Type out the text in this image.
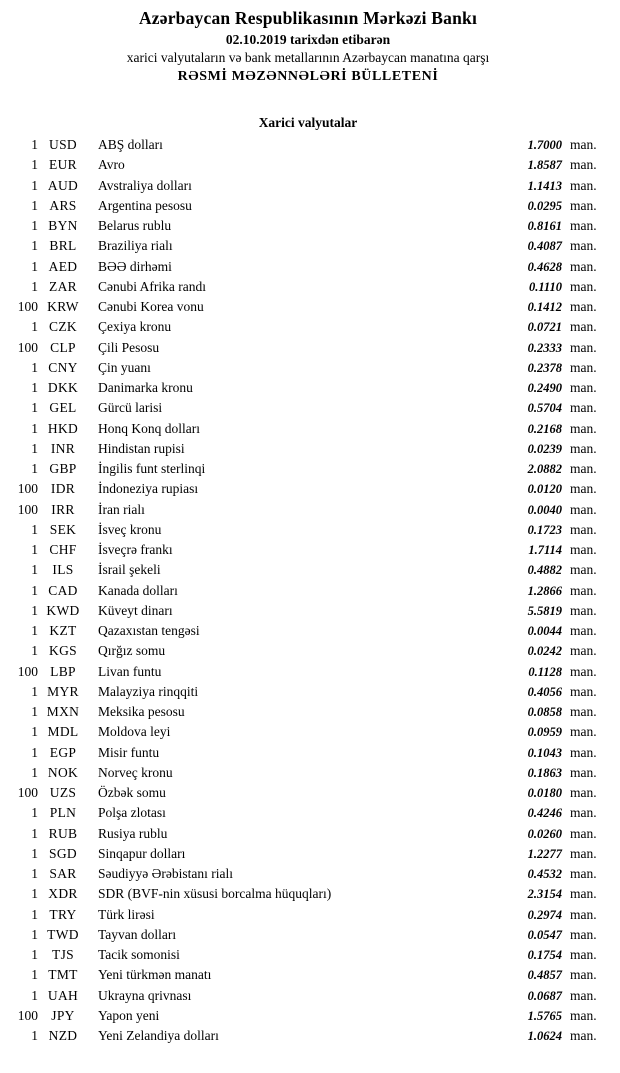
Azərbaycan Respublikasının Mərkəzi Bankı
02.10.2019 tarixdən etibarən
xarici valyutaların və bank metallarının Azərbaycan manatına qarşı
RƏSMİ MƏZƏNNƏLƏRİ BÜLLETENİ
Xarici valyutalar
1 USD	ABŞ dolları	1.7000 man.
1 EUR	Avro	1.8587 man.
1 AUD	Avstraliya dolları	1.1413 man.
1 ARS	Argentina pesosu	0.0295 man.
1 BYN	Belarus rublu	0.8161 man.
1 BRL	Braziliya rialı	0.4087 man.
1 AED	BƏƏ dirhəmi	0.4628 man.
1 ZAR	Cənubi Afrika randı	0.1110 man.
100 KRW	Cənubi Korea vonu	0.1412 man.
1 CZK	Çexiya kronu	0.0721 man.
100 CLP	Çili Pesosu	0.2333 man.
1 CNY	Çin yuanı	0.2378 man.
1 DKK	Danimarka kronu	0.2490 man.
1 GEL	Gürcü larisi	0.5704 man.
1 HKD	Honq Konq dolları	0.2168 man.
1 INR	Hindistan rupisi	0.0239 man.
1 GBP	İngilis funt sterlinqi	2.0882 man.
100 IDR	İndoneziya rupiası	0.0120 man.
100 IRR	İran rialı	0.0040 man.
1 SEK	İsveç kronu	0.1723 man.
1 CHF	İsveçrə frankı	1.7114 man.
1	ILS	İsrail şekeli	0.4882 man.
1 CAD	Kanada dolları	1.2866 man.
1 KWD	Küveyt dinarı	5.5819 man.
1 KZT	Qazaxıstan tengəsi	0.0044 man.
1 KGS	Qırğız somu	0.0242 man.
100 LBP	Livan funtu	0.1128 man.
1 MYR	Malayziya rinqqiti	0.4056 man.
1 MXN	Meksika pesosu	0.0858 man.
1 MDL	Moldova leyi	0.0959 man.
1 EGP	Misir funtu	0.1043 man.
1 NOK	Norveç kronu	0.1863 man.
100 UZS	Özbək somu	0.0180 man.
1 PLN	Polşa zlotası	0.4246 man.
1 RUB	Rusiya rublu	0.0260 man.
1 SGD	Sinqapur dolları	1.2277 man.
1 SAR	Səudiyyə Ərəbistanı rialı	0.4532 man.
1 XDR	SDR (BVF-nin xüsusi borcalma hüquqları)	2.3154 man.
1 TRY	Türk lirəsi	0.2974 man.
1 TWD	Tayvan dolları	0.0547 man.
1	TJS	Tacik somonisi	0.1754 man.
1 TMT	Yeni türkmən manatı	0.4857 man.
1 UAH	Ukrayna qrivnası	0.0687 man.
100 JPY	Yapon yeni	1.5765 man.
1 NZD	Yeni Zelandiya dolları	1.0624 man.
